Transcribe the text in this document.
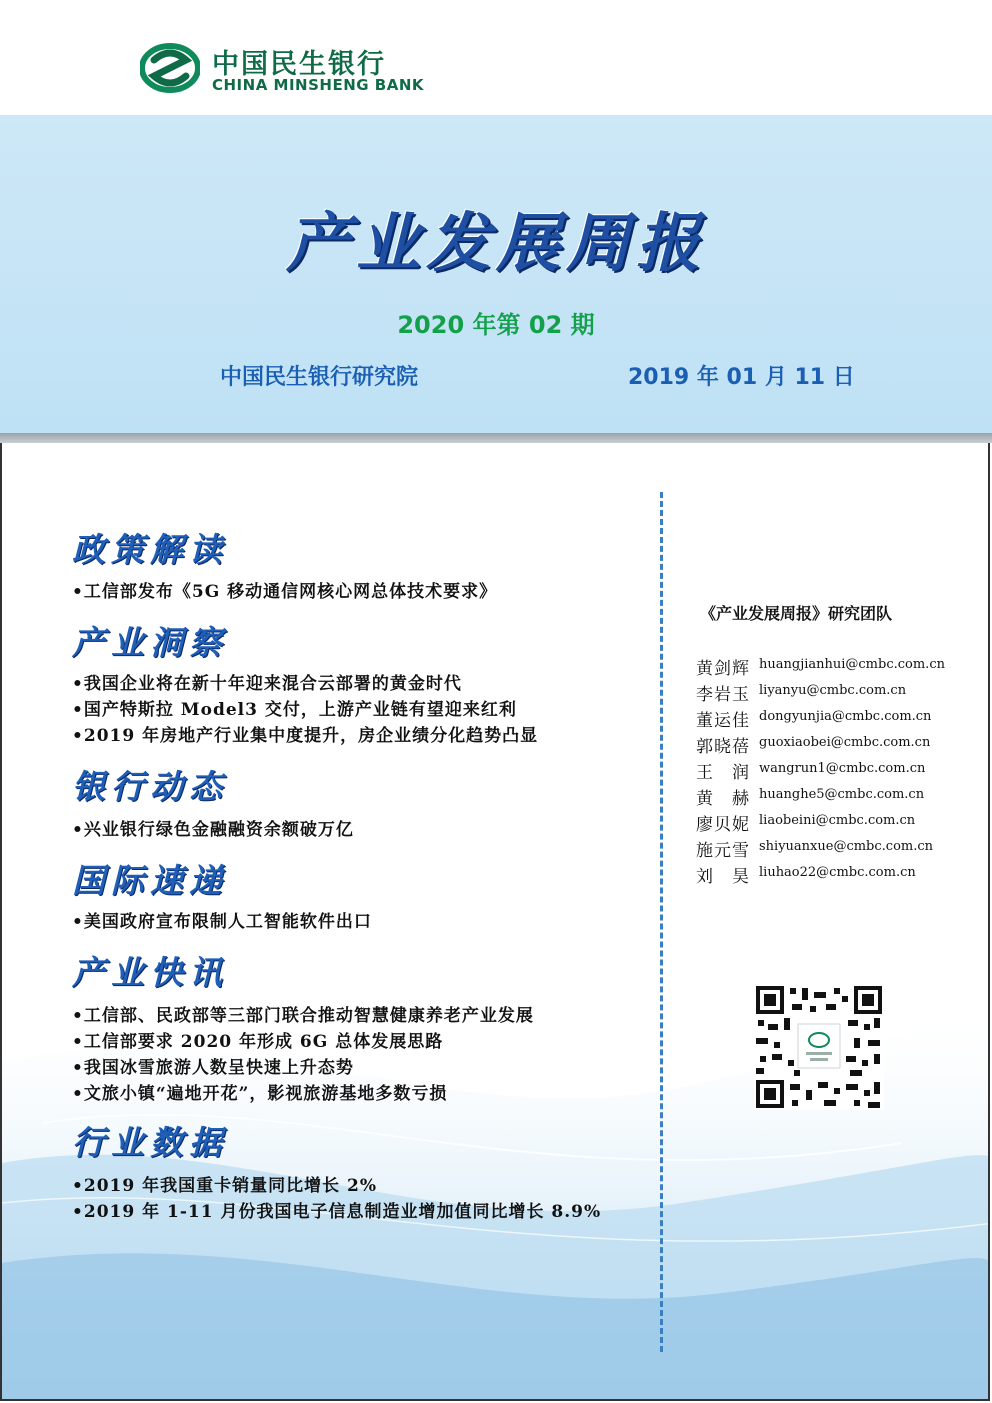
中国民生银行
CHINA MINSHENG BANK
产业发展周报
2020 年第 02 期
中国民生银行研究院	2019 年 01 月 11 日
政策解读
•工信部发布《5G 移动通信网核心网总体技术要求》
产业洞察
•我国企业将在新十年迎来混合云部署的黄金时代
•国产特斯拉 Model3 交付，上游产业链有望迎来红利
•2019 年房地产行业集中度提升，房企业绩分化趋势凸显
银行动态
•兴业银行绿色金融融资余额破万亿
国际速递
•美国政府宣布限制人工智能软件出口
产业快讯
•工信部、民政部等三部门联合推动智慧健康养老产业发展
•工信部要求 2020 年形成 6G 总体发展思路
•我国冰雪旅游人数呈快速上升态势
•文旅小镇“遍地开花”，影视旅游基地多数亏损
行业数据
•2019 年我国重卡销量同比增长 2%
•2019 年 1-11 月份我国电子信息制造业增加值同比增长 8.9%
《产业发展周报》研究团队
黄剑辉 huangjianhui@cmbc.com.cn
李岩玉 liyanyu@cmbc.com.cn
董运佳 dongyunjia@cmbc.com.cn
郭晓蓓 guoxiaobei@cmbc.com.cn
王　润 wangrun1@cmbc.com.cn
黄　赫 huanghe5@cmbc.com.cn
廖贝妮 liaobeini@cmbc.com.cn
施元雪 shiyuanxue@cmbc.com.cn
刘　昊 liuhao22@cmbc.com.cn
